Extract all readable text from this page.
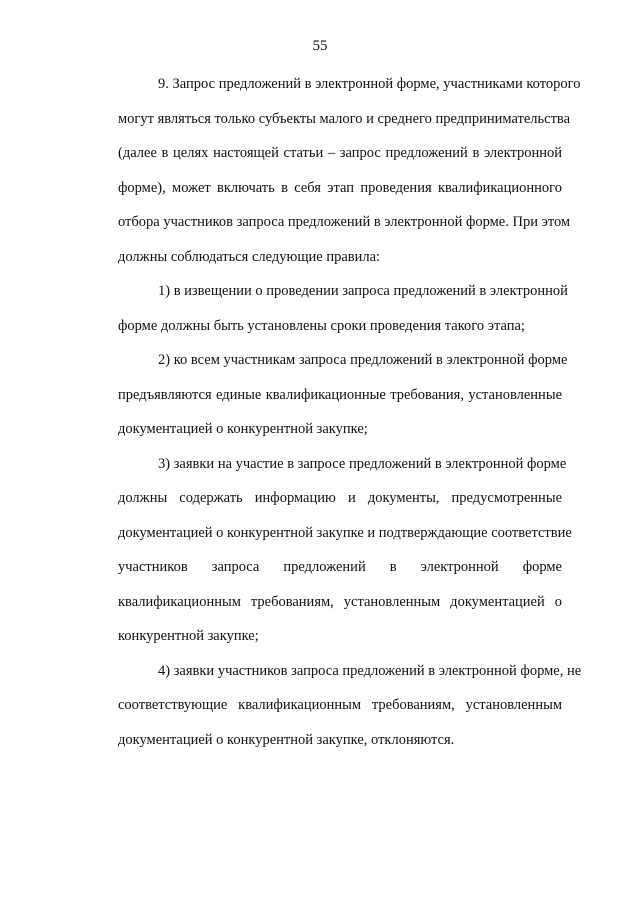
55
9. Запрос предложений в электронной форме, участниками которого
могут являться только субъекты малого и среднего предпринимательства
(далее в целях настоящей статьи – запрос предложений в электронной
форме), может включать в себя этап проведения квалификационного
отбора участников запроса предложений в электронной форме. При этом
должны соблюдаться следующие правила:
1) в извещении о проведении запроса предложений в электронной
форме должны быть установлены сроки проведения такого этапа;
2) ко всем участникам запроса предложений в электронной форме
предъявляются единые квалификационные требования, установленные
документацией о конкурентной закупке;
3) заявки на участие в запросе предложений в электронной форме
должны содержать информацию и документы, предусмотренные
документацией о конкурентной закупке и подтверждающие соответствие
участников запроса предложений в электронной форме
квалификационным требованиям, установленным документацией о
конкурентной закупке;
4) заявки участников запроса предложений в электронной форме, не
соответствующие квалификационным требованиям, установленным
документацией о конкурентной закупке, отклоняются.
